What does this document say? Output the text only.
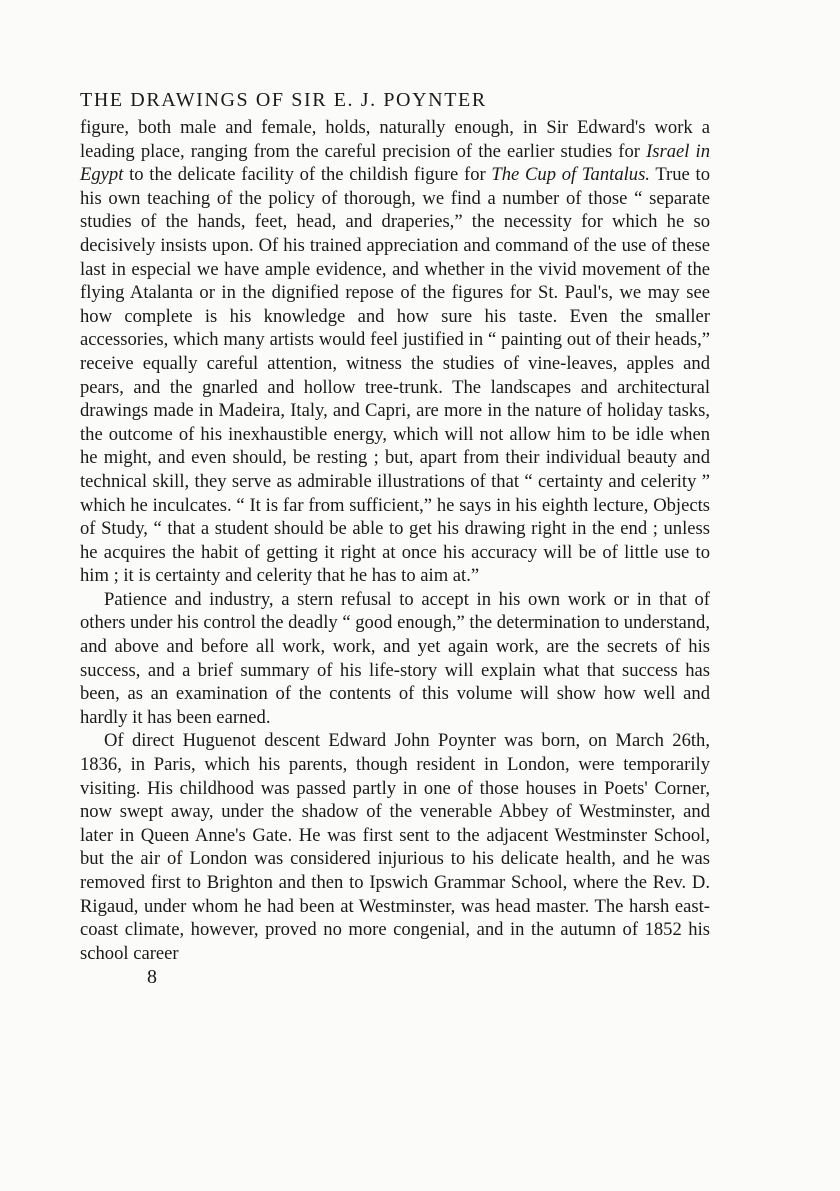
THE DRAWINGS OF SIR E. J. POYNTER

figure, both male and female, holds, naturally enough, in Sir Edward's work a leading place, ranging from the careful precision of the earlier studies for Israel in Egypt to the delicate facility of the childish figure for The Cup of Tantalus. True to his own teaching of the policy of thorough, we find a number of those “ separate studies of the hands, feet, head, and draperies,” the necessity for which he so decisively insists upon. Of his trained appreciation and command of the use of these last in especial we have ample evidence, and whether in the vivid movement of the flying Atalanta or in the dignified repose of the figures for St. Paul's, we may see how complete is his knowledge and how sure his taste. Even the smaller accessories, which many artists would feel justified in “ painting out of their heads,” receive equally careful attention, witness the studies of vine-leaves, apples and pears, and the gnarled and hollow tree-trunk. The landscapes and architectural drawings made in Madeira, Italy, and Capri, are more in the nature of holiday tasks, the outcome of his inexhaustible energy, which will not allow him to be idle when he might, and even should, be resting ; but, apart from their individual beauty and technical skill, they serve as admirable illustrations of that “ certainty and celerity ” which he inculcates. “ It is far from sufficient,” he says in his eighth lecture, Objects of Study, “ that a student should be able to get his drawing right in the end ; unless he acquires the habit of getting it right at once his accuracy will be of little use to him ; it is certainty and celerity that he has to aim at.”

Patience and industry, a stern refusal to accept in his own work or in that of others under his control the deadly “ good enough,” the determination to understand, and above and before all work, work, and yet again work, are the secrets of his success, and a brief summary of his life-story will explain what that success has been, as an examination of the contents of this volume will show how well and hardly it has been earned.

Of direct Huguenot descent Edward John Poynter was born, on March 26th, 1836, in Paris, which his parents, though resident in London, were temporarily visiting. His childhood was passed partly in one of those houses in Poets' Corner, now swept away, under the shadow of the venerable Abbey of Westminster, and later in Queen Anne's Gate. He was first sent to the adjacent Westminster School, but the air of London was considered injurious to his delicate health, and he was removed first to Brighton and then to Ipswich Grammar School, where the Rev. D. Rigaud, under whom he had been at Westminster, was head master. The harsh east-coast climate, however, proved no more congenial, and in the autumn of 1852 his school career

8
